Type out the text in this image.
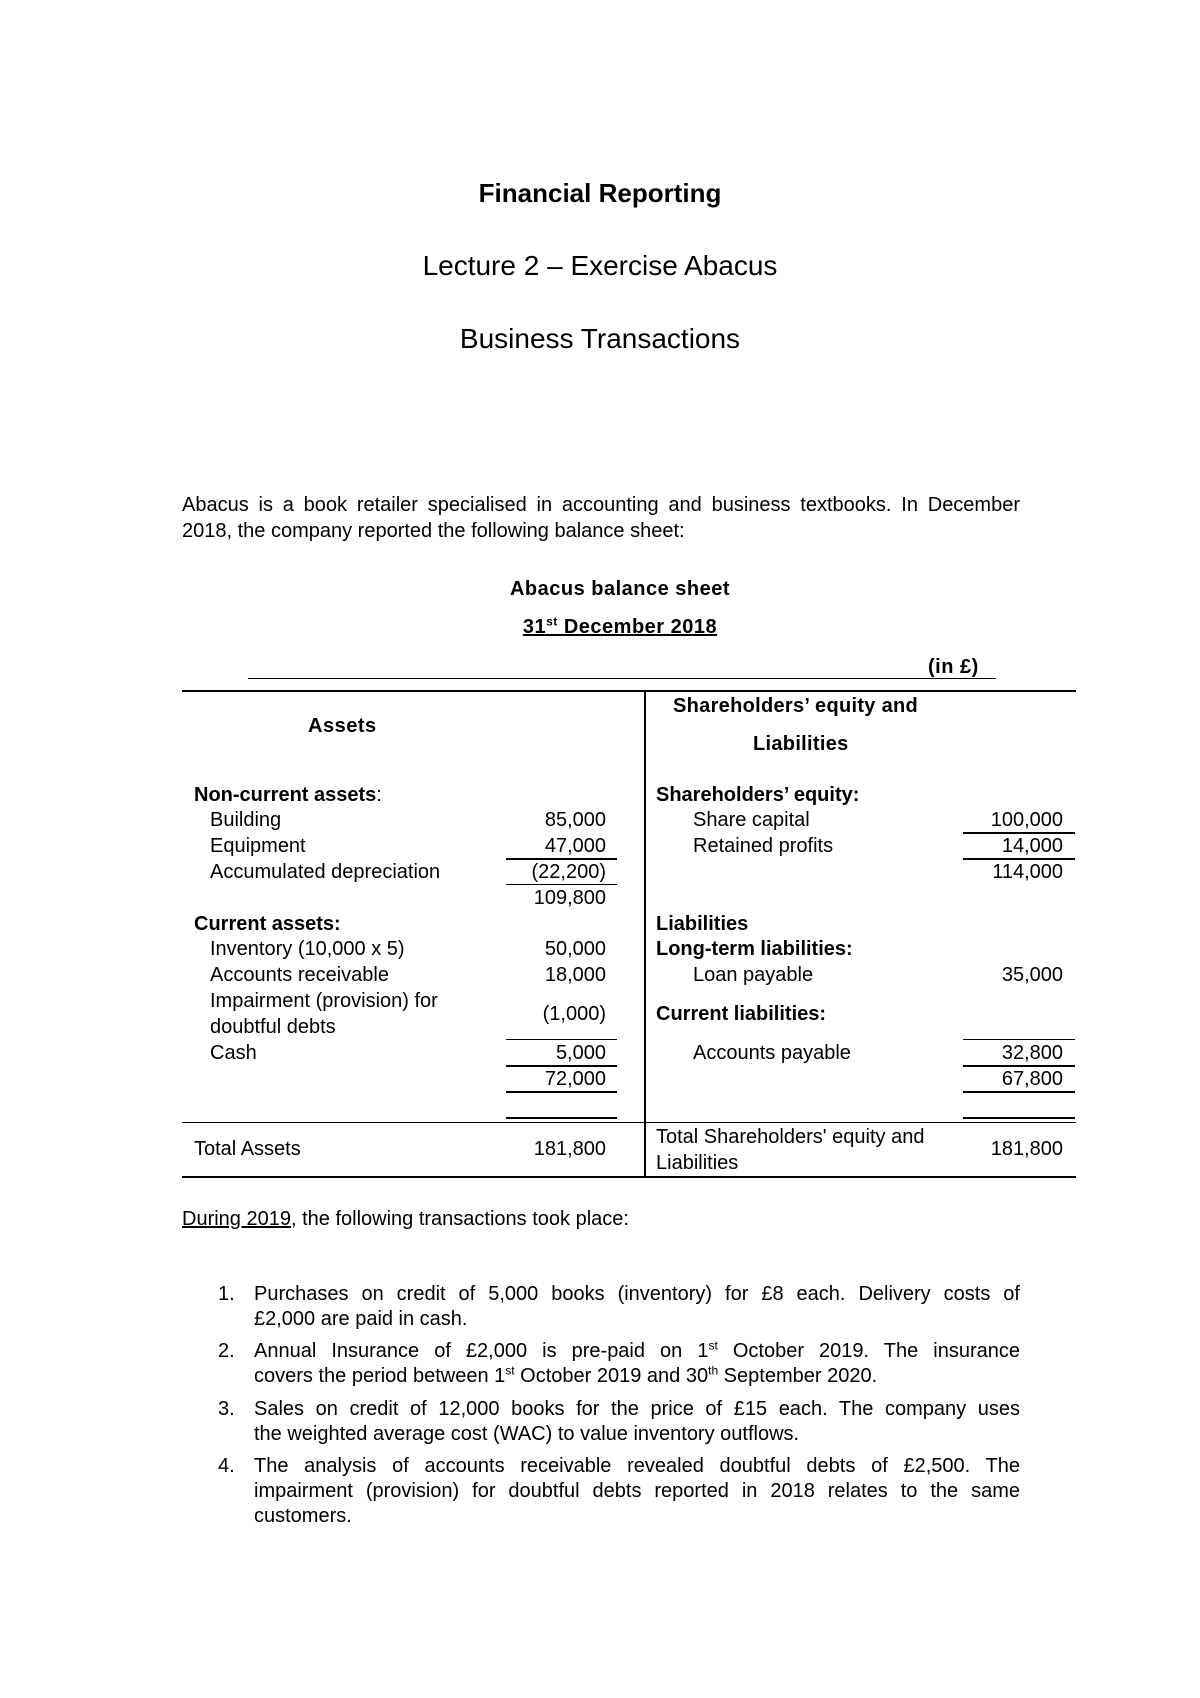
Financial Reporting
Lecture 2 – Exercise Abacus
Business Transactions
Abacus is a book retailer specialised in accounting and business textbooks. In December 2018, the company reported the following balance sheet:
Abacus balance sheet
31st December 2018
(in £)
Assets
Shareholders’ equity and
Liabilities
Non-current assets:
Building	85,000
Equipment	47,000
Accumulated depreciation	(22,200)
109,800
Current assets:
Inventory (10,000 x 5)	50,000
Accounts receivable	18,000
Impairment (provision) for
doubtful debts
(1,000)
Cash	5,000
72,000
Shareholders’ equity:
Share capital	100,000
Retained profits	14,000
114,000
Liabilities
Long-term liabilities:
Loan payable	35,000
Current liabilities:
Accounts payable	32,800
67,800
Total Assets	181,800
Total Shareholders' equity and
Liabilities
181,800
During 2019, the following transactions took place:
1. Purchases on credit of 5,000 books (inventory) for £8 each. Delivery costs of
£2,000 are paid in cash.
2. Annual Insurance of £2,000 is pre-paid on 1st October 2019. The insurance
covers the period between 1st October 2019 and 30th September 2020.
3. Sales on credit of 12,000 books for the price of £15 each. The company uses
the weighted average cost (WAC) to value inventory outflows.
4. The analysis of accounts receivable revealed doubtful debts of £2,500. The
impairment (provision) for doubtful debts reported in 2018 relates to the same
customers.
